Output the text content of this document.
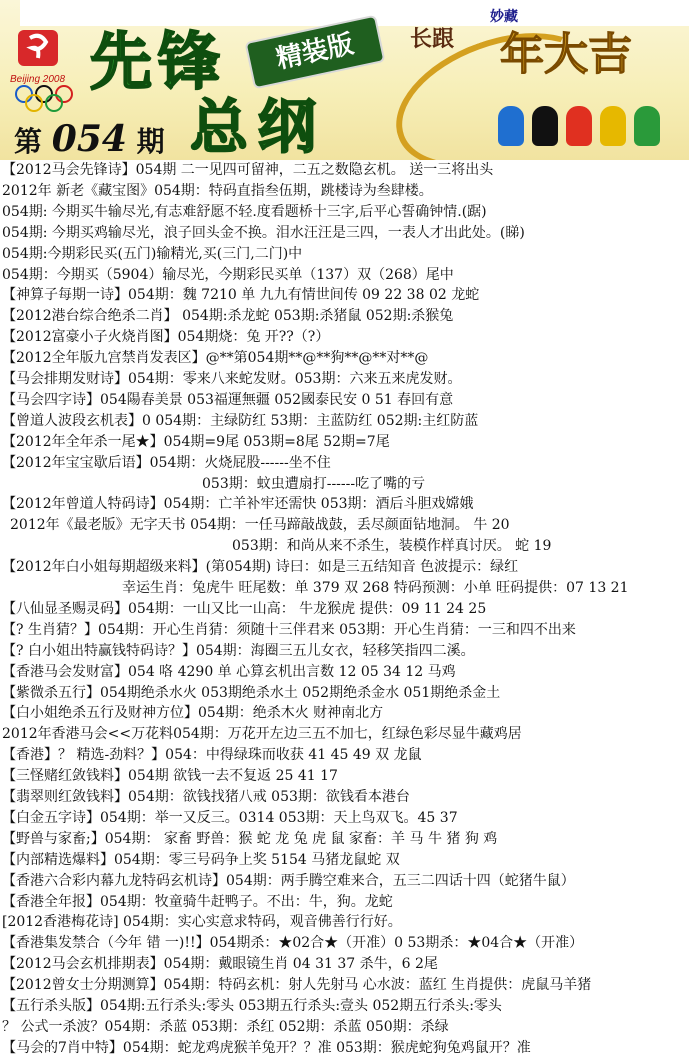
Beijing 2008 先锋
总纲
精装版
第 054 期
妙藏
长跟 年大吉
【2012马会先锋诗】054期 二一见四可留神，二五之数隐玄机。 送一三将出头
2012年 新老《藏宝图》054期：特码直指叁伍期，跳楼诗为叁肆楼。
054期: 今期买牛输尽光,有志难舒愿不轻.度看题桥十三字,后平心誓确钟情.(踞)
054期: 今期买鸡输尽光，浪子回头金不换。泪水汪汪是三四，一表人才出此处。(睇)
054期:今期彩民买(五门)输精光,买(三门,二门)中
054期：今期买（5904）输尽光，今期彩民买单（137）双（268）尾中
【神算子每期一诗】054期：魏 7210 单 九九有情世间传 09 22 38 02 龙蛇
【2012港台综合绝杀二肖】 054期:杀龙蛇 053期:杀猪鼠 052期:杀猴兔
【2012富豪小子火烧肖图】054期烧：兔 开??（?）
【2012全年版九宫禁肖发表区】@**第054期**@**狗**@**对**@
【马会排期发财诗】054期：零来八来蛇发财。053期：六来五来虎发财。
【马会四字诗】054陽春美景 053福運無疆 052國泰民安 0 51 春回有意
【曾道人波段玄机表】0 054期：主绿防红 53期：主蓝防红 052期:主红防蓝
【2012年全年杀一尾★】054期=9尾 053期=8尾 52期=7尾
【2012年宝宝歇后语】054期：火烧屁股------坐不住
053期：蚊虫遭扇打------吃了嘴的亏
【2012年曾道人特码诗】054期：亡羊补牢还需快 053期：酒后斗胆戏嫦娥
2012年《最老版》无字天书 054期：一任马蹄敲战鼓，丢尽颜面钻地洞。 牛 20
053期：和尚从来不杀生，装模作样真讨厌。 蛇 19
【2012年白小姐每期超级来料】(第054期) 诗曰：如是三五结知音 色波提示：绿红
幸运生肖：兔虎牛 旺尾数：单 379 双 268 特码预测：小单 旺码提供：07 13 21
【八仙显圣赐灵码】054期：一山又比一山高： 牛龙猴虎 提供：09 11 24 25
【? 生肖猜？】054期：开心生肖猜：须随十三伴君来 053期：开心生肖猜：一三和四不出来
【? 白小姐出特赢钱特码诗？】054期：海圈三五儿女衣，轻移笑指四二溪。
【香港马会发财富】054 咯 4290 单 心算玄机出言数 12 05 34 12 马鸡
【紫微杀五行】054期绝杀水火 053期绝杀水土 052期绝杀金水 051期绝杀金土
【白小姐绝杀五行及财神方位】054期：绝杀木火 财神南北方
2012年香港马会<<万花料054期：万花开左边三五不加七，红绿色彩尽显牛藏鸡居
【香港】？ 精选-劲料？】054：中得绿珠而收获 41 45 49 双 龙鼠
【三怪赌红敛钱料】054期 欲钱一去不复返 25 41 17
【翡翠则红敛钱料】054期：欲钱找猪八戒 053期：欲钱看本港台
【白金五字诗】054期：举一又反三。0314 053期：天上鸟双飞。45 37
【野兽与家畜;】054期： 家畜 野兽：猴 蛇 龙 兔 虎 鼠 家畜：羊 马 牛 猪 狗 鸡
【内部精选爆料】054期：零三号码争上奖 5154 马猪龙鼠蛇 双
【香港六合彩内幕九龙特码玄机诗】054期：两手腾空难来合，五三二四话十四（蛇猪牛鼠）
【香港全年报】054期：牧童骑牛赶鸭子。不出：牛，狗。龙蛇
[2012香港梅花诗] 054期：实心实意求特码，观音佛善行行好。
【香港集发禁合（今年 错 一)!!】054期杀：★02合★（开准）0 53期杀：★04合★（开准）
【2012马会玄机排期表】054期：戴眼镜生肖 04 31 37 杀牛，6 2尾
【2012曾女士分期测算】054期：特码玄机：射人先射马 心水波：蓝红 生肖提供：虎鼠马羊猪
【五行杀头版】054期:五行杀头:零头 053期五行杀头:壹头 052期五行杀头:零头
？ 公式一杀波？054期：杀蓝 053期：杀红 052期：杀蓝 050期：杀绿
【马会的7肖中特】054期：蛇龙鸡虎猴羊兔开？？准 053期：猴虎蛇狗兔鸡鼠开？准
